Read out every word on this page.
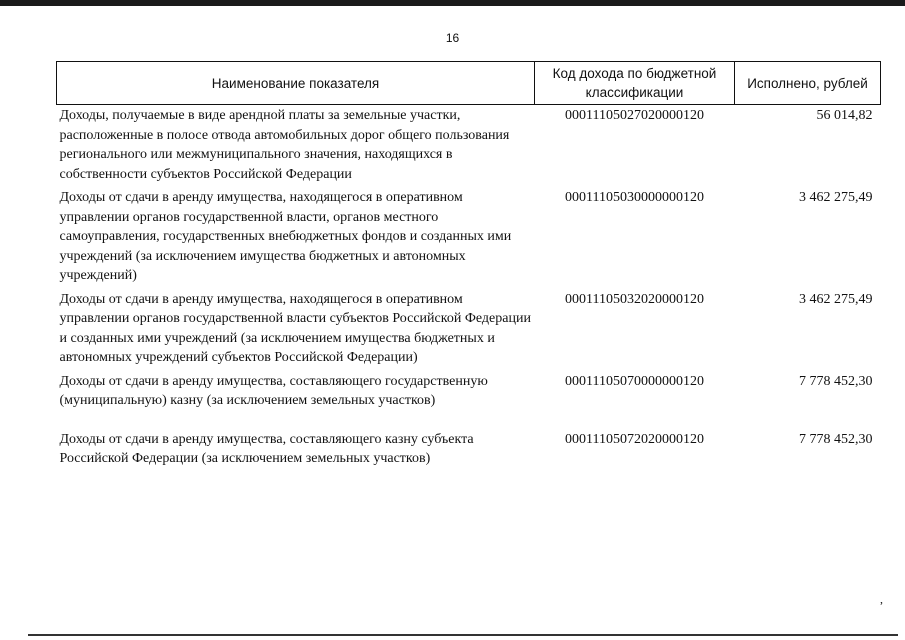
16
Наименование показателя	Код дохода по бюджетной классификации	Исполнено, рублей
Доходы, получаемые в виде арендной платы за земельные участки, расположенные в полосе отвода автомобильных дорог общего пользования регионального или межмуниципального значения, находящихся в собственности субъектов Российской Федерации	00011105027020000120	56 014,82
Доходы от сдачи в аренду имущества, находящегося в оперативном управлении органов государственной власти, органов местного самоуправления, государственных внебюджетных фондов и созданных ими учреждений (за исключением имущества бюджетных и автономных учреждений)	00011105030000000120	3 462 275,49
Доходы от сдачи в аренду имущества, находящегося в оперативном управлении органов государственной власти субъектов Российской Федерации и созданных ими учреждений (за исключением имущества бюджетных и автономных учреждений субъектов Российской Федерации)	00011105032020000120	3 462 275,49
Доходы от сдачи в аренду имущества, составляющего государственную (муниципальную) казну (за исключением земельных участков)	00011105070000000120	7 778 452,30
Доходы от сдачи в аренду имущества, составляющего казну субъекта Российской Федерации (за исключением земельных участков)	00011105072020000120	7 778 452,30
,
